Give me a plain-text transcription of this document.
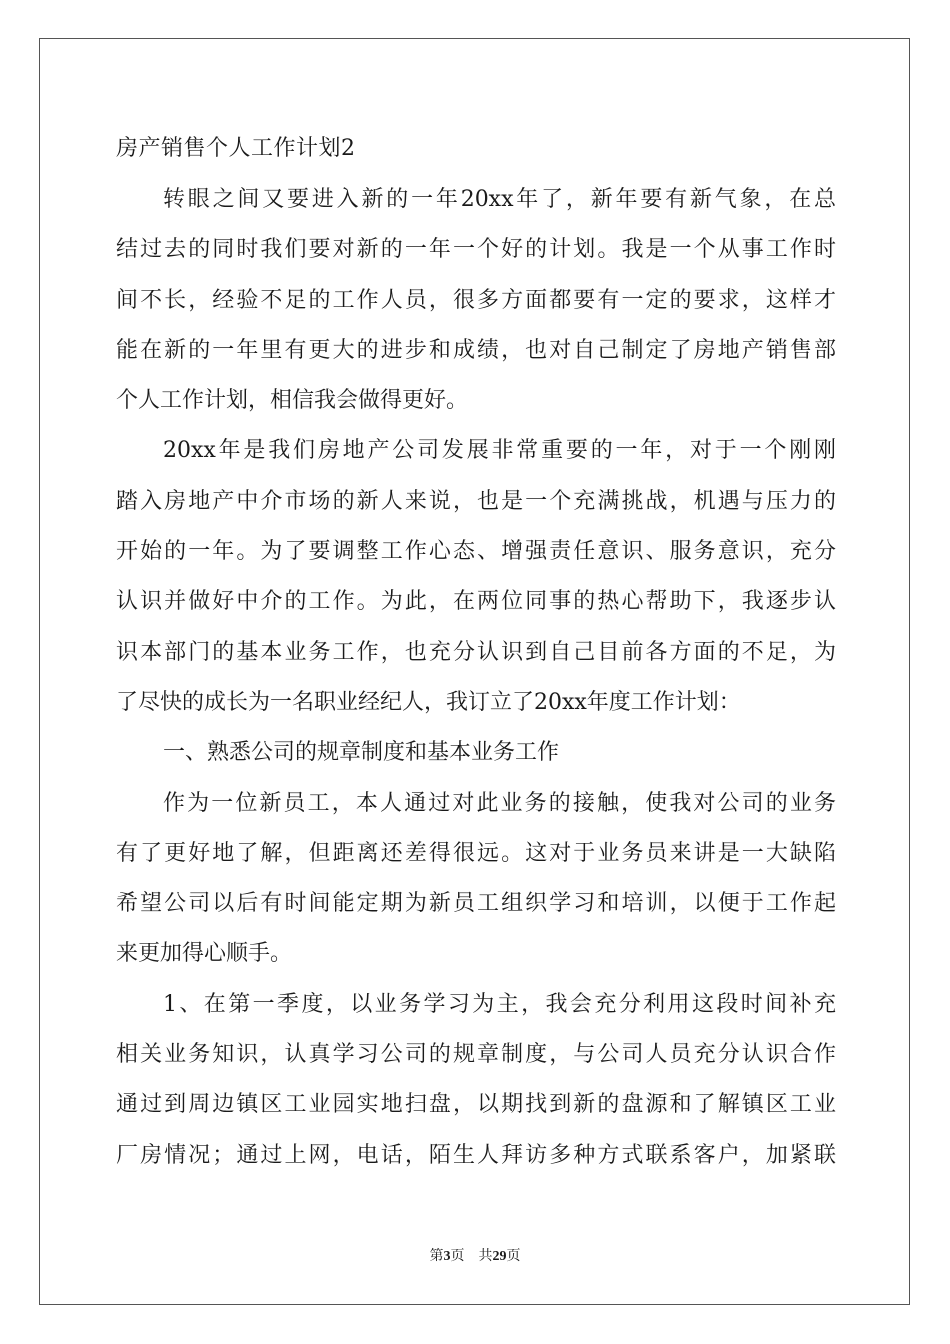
房产销售个人工作计划2

转眼之间又要进入新的一年20xx年了，新年要有新气象，在总

结过去的同时我们要对新的一年一个好的计划。我是一个从事工作时

间不长，经验不足的工作人员，很多方面都要有一定的要求，这样才

能在新的一年里有更大的进步和成绩，也对自己制定了房地产销售部

个人工作计划，相信我会做得更好。

20xx年是我们房地产公司发展非常重要的一年，对于一个刚刚

踏入房地产中介市场的新人来说，也是一个充满挑战，机遇与压力的

开始的一年。为了要调整工作心态、增强责任意识、服务意识，充分

认识并做好中介的工作。为此，在两位同事的热心帮助下，我逐步认

识本部门的基本业务工作，也充分认识到自己目前各方面的不足，为

了尽快的成长为一名职业经纪人，我订立了20xx年度工作计划：

一、熟悉公司的规章制度和基本业务工作

作为一位新员工，本人通过对此业务的接触，使我对公司的业务

有了更好地了解，但距离还差得很远。这对于业务员来讲是一大缺陷

希望公司以后有时间能定期为新员工组织学习和培训，以便于工作起

来更加得心顺手。

1、在第一季度，以业务学习为主，我会充分利用这段时间补充

相关业务知识，认真学习公司的规章制度，与公司人员充分认识合作

通过到周边镇区工业园实地扫盘，以期找到新的盘源和了解镇区工业

厂房情况；通过上网，电话，陌生人拜访多种方式联系客户，加紧联

第3页 共29页
